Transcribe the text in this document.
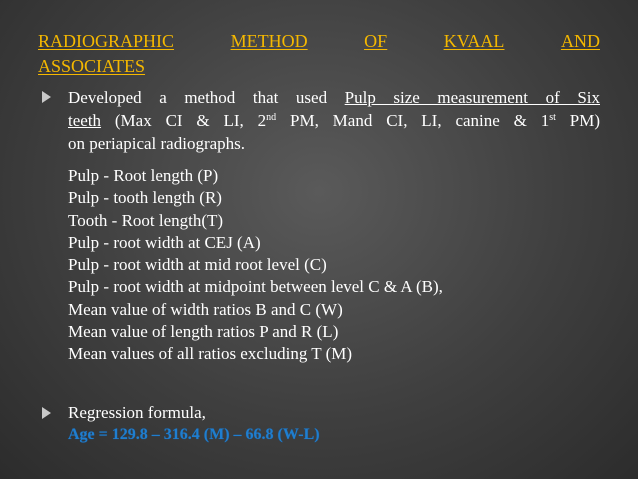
RADIOGRAPHIC	METHOD	OF	KVAAL	AND
ASSOCIATES
Developed a method that used Pulp size measurement of Six
teeth (Max CI & LI, 2nd PM, Mand CI, LI, canine & 1st PM)
on periapical radiographs.
Pulp - Root length (P)
Pulp - tooth length (R)
Tooth - Root length(T)
Pulp - root width at CEJ (A)
Pulp - root width at mid root level (C)
Pulp - root width at midpoint between level C & A (B),
Mean value of width ratios B and C (W)
Mean value of length ratios P and R (L)
Mean values of all ratios excluding T (M)
Regression formula,
Age = 129.8 – 316.4 (M) – 66.8 (W-L)
